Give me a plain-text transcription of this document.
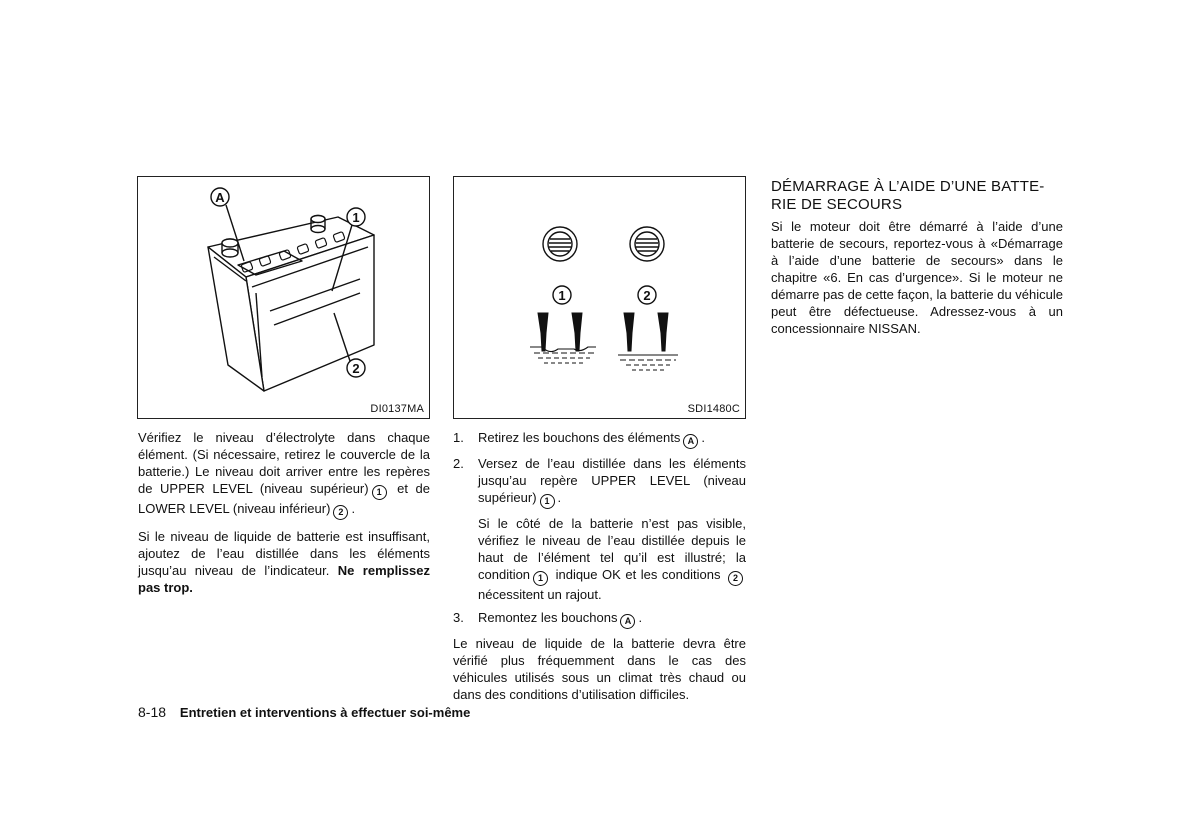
A
1
2
DI0137MA
1	2
SDI1480C

Vérifiez le niveau d’électrolyte dans chaque élément. (Si nécessaire, retirez le couvercle de la batterie.) Le niveau doit arriver entre les repères de UPPER LEVEL (niveau supérieur) 1 et de LOWER LEVEL (niveau inférieur) 2 .

Si le niveau de liquide de batterie est insuffisant, ajoutez de l’eau distillée dans les éléments jusqu’au niveau de l’indicateur. Ne remplissez pas trop.

1. Retirez les bouchons des éléments A .
2. Versez de l’eau distillée dans les éléments jusqu’au repère UPPER LEVEL (niveau supérieur) 1 .

Si le côté de la batterie n’est pas visible, vérifiez le niveau de l’eau distillée depuis le haut de l’élément tel qu’il est illustré; la condition 1 indique OK et les conditions 2 nécessitent un rajout.

3. Remontez les bouchons A .

Le niveau de liquide de la batterie devra être vérifié plus fréquemment dans le cas des véhicules utilisés sous un climat très chaud ou dans des conditions d’utilisation difficiles.

DÉMARRAGE À L’AIDE D’UNE BATTE-
RIE DE SECOURS

Si le moteur doit être démarré à l’aide d’une batterie de secours, reportez-vous à «Démarrage à l’aide d’une batterie de secours» dans le chapitre «6. En cas d’urgence». Si le moteur ne démarre pas de cette façon, la batterie du véhicule peut être défectueuse. Adressez-vous à un concessionnaire NISSAN.

8-18 Entretien et interventions à effectuer soi-même
